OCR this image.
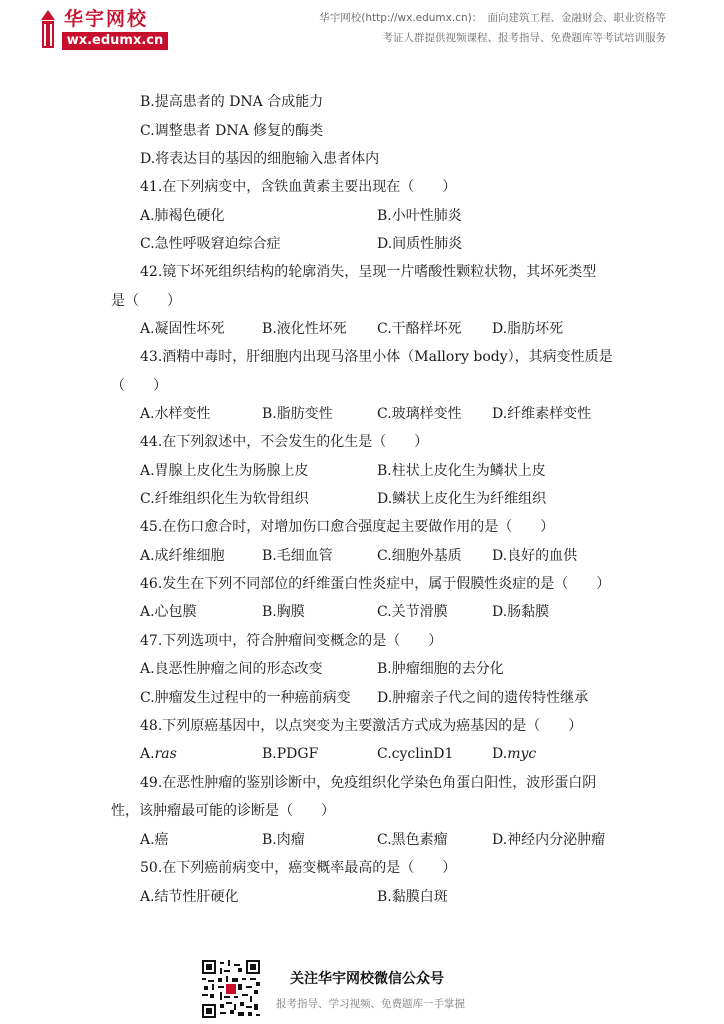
华宇网校
wx.edumx.cn
华宇网校(http://wx.edumx.cn)：　面向建筑工程、金融财会、职业资格等
考证人群提供视频课程、报考指导、免费题库等考试培训服务
B.提高患者的 DNA 合成能力
C.调整患者 DNA 修复的酶类
D.将表达目的基因的细胞输入患者体内
41.在下列病变中，含铁血黄素主要出现在（　　）
A.肺褐色硬化	B.小叶性肺炎
C.急性呼吸窘迫综合症	D.间质性肺炎
42.镜下坏死组织结构的轮廓消失，呈现一片嗜酸性颗粒状物，其坏死类型
是（　　）
A.凝固性坏死	B.液化性坏死 C.干酪样坏死 D.脂肪坏死
43.酒精中毒时，肝细胞内出现马洛里小体（Mallory body），其病变性质是
（　　）
A.水样变性	B.脂肪变性	C.玻璃样变性 D.纤维素样变性
44.在下列叙述中，不会发生的化生是（　　）
A.胃腺上皮化生为肠腺上皮	B.柱状上皮化生为鳞状上皮
C.纤维组织化生为软骨组织	D.鳞状上皮化生为纤维组织
45.在伤口愈合时，对增加伤口愈合强度起主要做作用的是（　　）
A.成纤维细胞	B.毛细血管	C.细胞外基质 D.良好的血供
46.发生在下列不同部位的纤维蛋白性炎症中，属于假膜性炎症的是（　　）
A.心包膜	B.胸膜	C.关节滑膜	D.肠黏膜
47.下列选项中，符合肿瘤间变概念的是（　　）
A.良恶性肿瘤之间的形态改变	B.肿瘤细胞的去分化
C.肿瘤发生过程中的一种癌前病变 D.肿瘤亲子代之间的遗传特性继承
48.下列原癌基因中，以点突变为主要激活方式成为癌基因的是（　　）
A.ras	B.PDGF	C.cyclinD1	D.myc
49.在恶性肿瘤的鉴别诊断中，免疫组织化学染色角蛋白阳性，波形蛋白阴
性，该肿瘤最可能的诊断是（　　）
A.癌	B.肉瘤	C.黑色素瘤	D.神经内分泌肿瘤
50.在下列癌前病变中，癌变概率最高的是（　　）
A.结节性肝硬化	B.黏膜白斑
关注华宇网校微信公众号
报考指导、学习视频、免费题库一手掌握
